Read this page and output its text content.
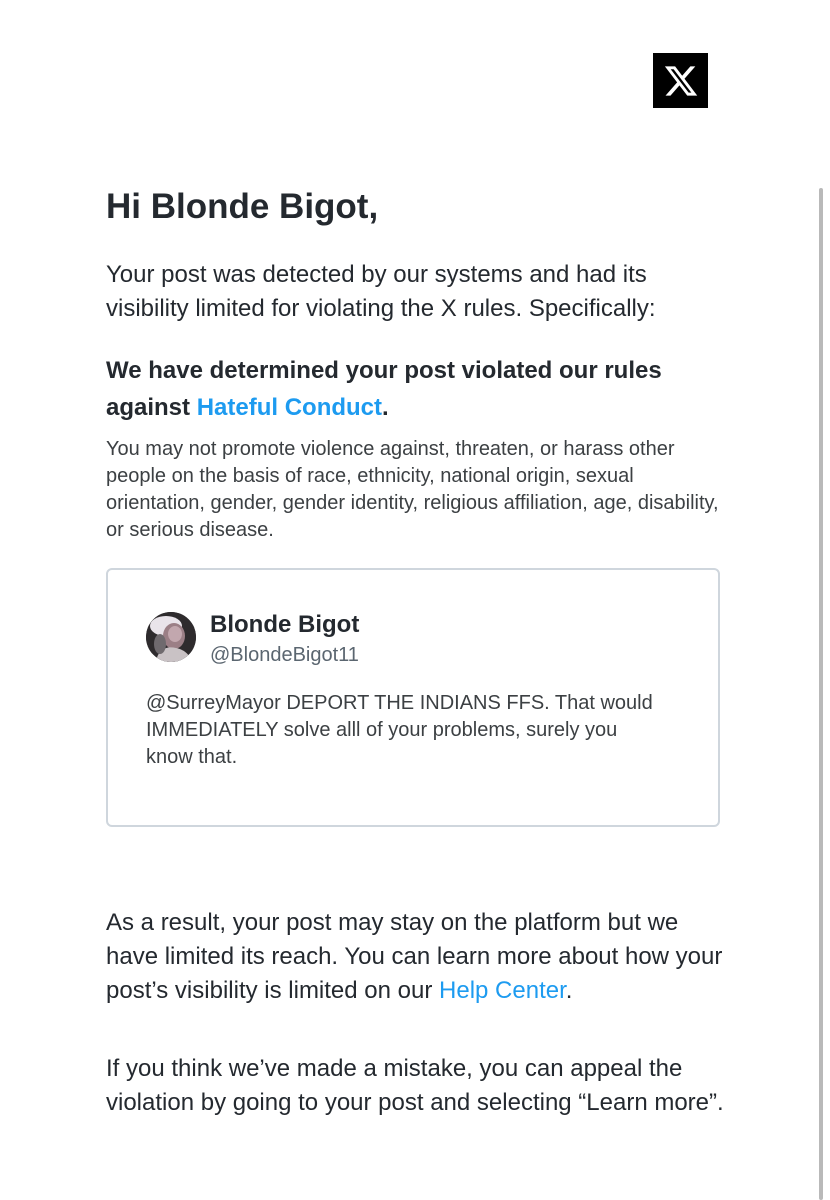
Hi Blonde Bigot,

Your post was detected by our systems and had its visibility limited for violating the X rules. Specifically:

We have determined your post violated our rules against Hateful Conduct.

You may not promote violence against, threaten, or harass other people on the basis of race, ethnicity, national origin, sexual orientation, gender, gender identity, religious affiliation, age, disability, or serious disease.

Blonde Bigot
@BlondeBigot11

@SurreyMayor DEPORT THE INDIANS FFS. That would IMMEDIATELY solve alll of your problems, surely you know that.

As a result, your post may stay on the platform but we have limited its reach. You can learn more about how your post’s visibility is limited on our Help Center.

If you think we’ve made a mistake, you can appeal the violation by going to your post and selecting “Learn more”.
